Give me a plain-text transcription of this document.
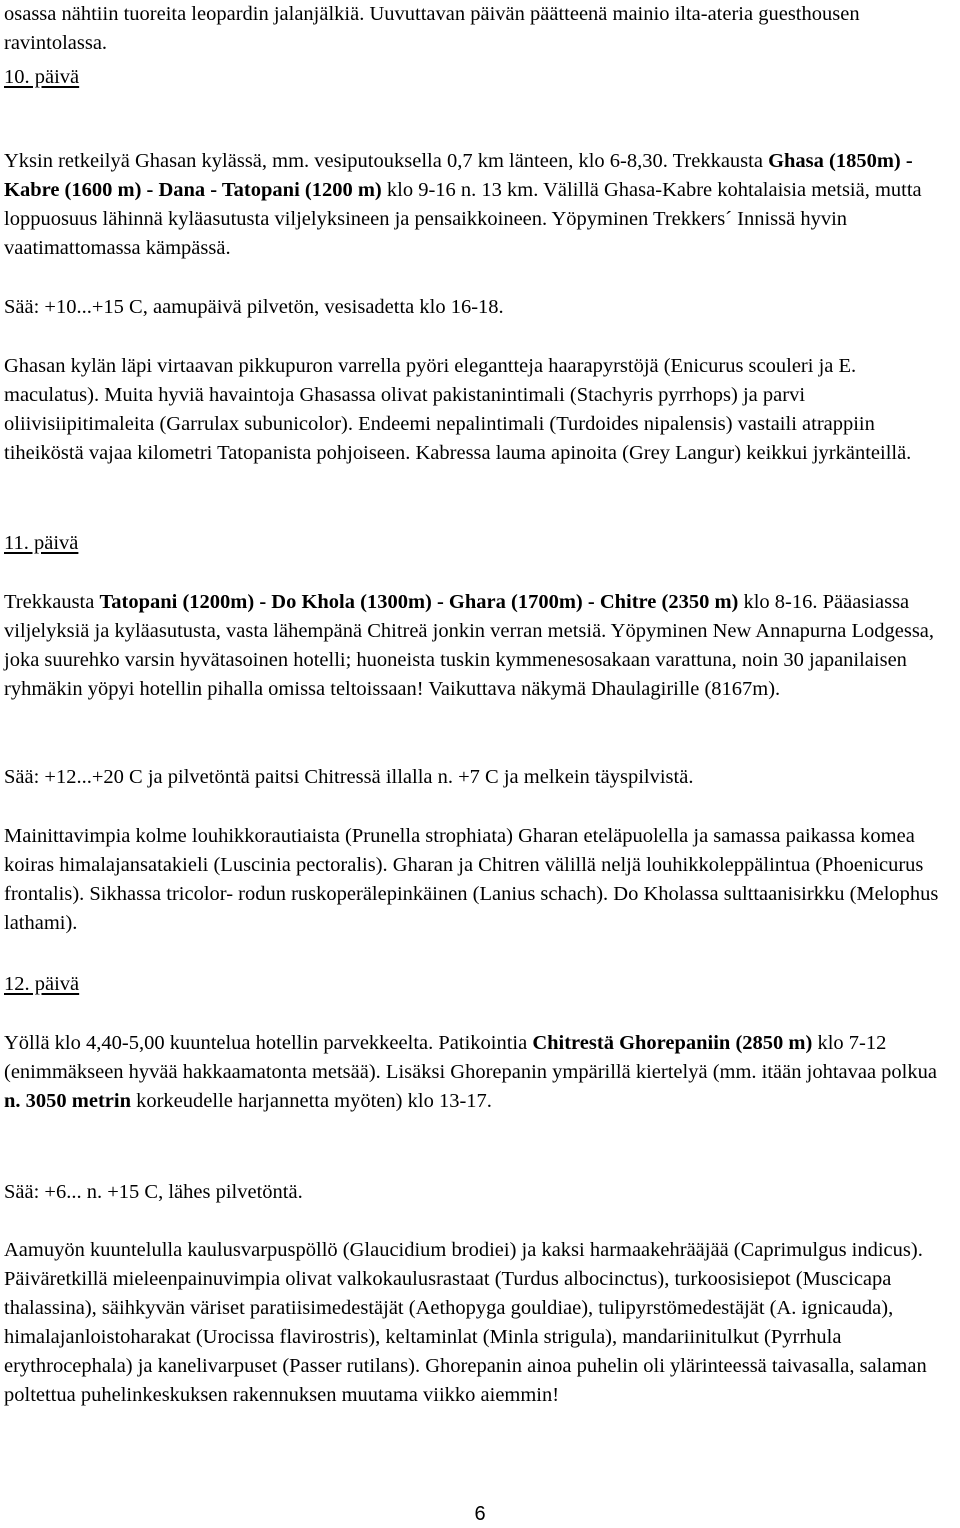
osassa nähtiin tuoreita leopardin jalanjälkiä. Uuvuttavan päivän päätteenä mainio ilta-ateria guesthousen ravintolassa.

10. päivä

Yksin retkeilyä Ghasan kylässä, mm. vesiputouksella 0,7 km länteen, klo 6-8,30. Trekkausta Ghasa (1850m) - Kabre (1600 m) - Dana - Tatopani (1200 m) klo 9-16 n. 13 km. Välillä Ghasa-Kabre kohtalaisia metsiä, mutta loppuosuus lähinnä kyläasutusta viljelyksineen ja pensaikkoineen. Yöpyminen Trekkers´ Innissä hyvin vaatimattomassa kämpässä.

Sää: +10...+15 C, aamupäivä pilvetön, vesisadetta klo 16-18.

Ghasan kylän läpi virtaavan pikkupuron varrella pyöri elegantteja haarapyrstöjä (Enicurus scouleri ja E. maculatus). Muita hyviä havaintoja Ghasassa olivat pakistanintimali (Stachyris pyrrhops) ja parvi oliivisiipitimaleita (Garrulax subunicolor). Endeemi nepalintimali (Turdoides nipalensis) vastaili atrappiin tiheiköstä vajaa kilometri Tatopanista pohjoiseen. Kabressa lauma apinoita (Grey Langur) keikkui jyrkänteillä.

11. päivä

Trekkausta Tatopani (1200m) - Do Khola (1300m) - Ghara (1700m) - Chitre (2350 m) klo 8-16. Pääasiassa viljelyksiä ja kyläasutusta, vasta lähempänä Chitreä jonkin verran metsiä. Yöpyminen New Annapurna Lodgessa, joka suurehko varsin hyvätasoinen hotelli; huoneista tuskin kymmenesosakaan varattuna, noin 30 japanilaisen ryhmäkin yöpyi hotellin pihalla omissa teltoissaan! Vaikuttava näkymä Dhaulagirille (8167m).

Sää: +12...+20 C ja pilvetöntä paitsi Chitressä illalla n. +7 C ja melkein täyspilvistä.

Mainittavimpia kolme louhikkorautiaista (Prunella strophiata) Gharan eteläpuolella ja samassa paikassa komea koiras himalajansatakieli (Luscinia pectoralis). Gharan ja Chitren välillä neljä louhikkoleppälintua (Phoenicurus frontalis). Sikhassa tricolor- rodun ruskoperälepinkäinen (Lanius schach). Do Kholassa sulttaanisirkku (Melophus lathami).

12. päivä

Yöllä klo 4,40-5,00 kuuntelua hotellin parvekkeelta. Patikointia Chitrestä Ghorepaniin (2850 m) klo 7-12 (enimmäkseen hyvää hakkaamatonta metsää). Lisäksi Ghorepanin ympärillä kiertelyä (mm. itään johtavaa polkua n. 3050 metrin korkeudelle harjannetta myöten) klo 13-17.

Sää: +6... n. +15 C, lähes pilvetöntä.

Aamuyön kuuntelulla kaulusvarpuspöllö (Glaucidium brodiei) ja kaksi harmaakehrääjää (Caprimulgus indicus). Päiväretkillä mieleenpainuvimpia olivat valkokaulusrastaat (Turdus albocinctus), turkoosisiepot (Muscicapa thalassina), säihkyvän väriset paratiisimedestäjät (Aethopyga gouldiae), tulipyrstömedestäjät (A. ignicauda), himalajanloistoharakat (Urocissa flavirostris), keltaminlat (Minla strigula), mandariinitulkut (Pyrrhula erythrocephala) ja kanelivarpuset (Passer rutilans). Ghorepanin ainoa puhelin oli ylärinteessä taivasalla, salaman poltettua puhelinkeskuksen rakennuksen muutama viikko aiemmin!

6
